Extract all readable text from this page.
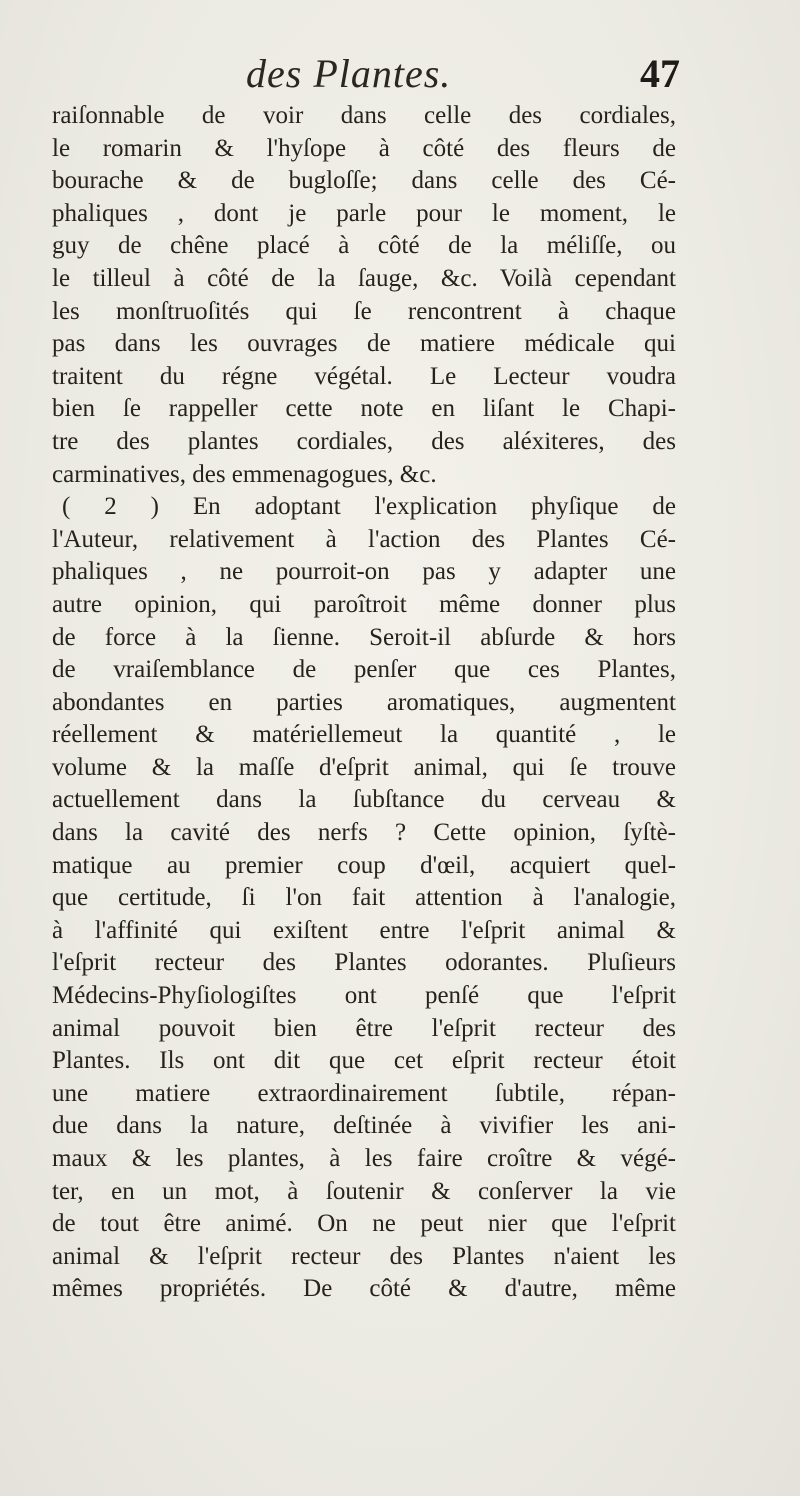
des Plantes.	47
raiſonnable de voir dans celle des cordiales,
le romarin & l'hyſope à côté des fleurs de
bourache & de bugloſſe; dans celle des Cé-
phaliques , dont je parle pour le moment, le
guy de chêne placé à côté de la méliſſe, ou
le tilleul à côté de la ſauge, &c. Voilà cependant
les monſtruoſités qui ſe rencontrent à chaque
pas dans les ouvrages de matiere médicale qui
traitent du régne végétal. Le Lecteur voudra
bien ſe rappeller cette note en liſant le Chapi-
tre des plantes cordiales, des aléxiteres, des
carminatives, des emmenagogues, &c.
( 2 ) En adoptant l'explication phyſique de
l'Auteur, relativement à l'action des Plantes Cé-
phaliques , ne pourroit-on pas y adapter une
autre opinion, qui paroîtroit même donner plus
de force à la ſienne. Seroit-il abſurde & hors
de vraiſemblance de penſer que ces Plantes,
abondantes en parties aromatiques, augmentent
réellement & matériellemeut la quantité , le
volume & la maſſe d'eſprit animal, qui ſe trouve
actuellement dans la ſubſtance du cerveau &
dans la cavité des nerfs ? Cette opinion, ſyſtè-
matique au premier coup d'œil, acquiert quel-
que certitude, ſi l'on fait attention à l'analogie,
à l'affinité qui exiſtent entre l'eſprit animal &
l'eſprit recteur des Plantes odorantes. Pluſieurs
Médecins-Phyſiologiſtes ont penſé que l'eſprit
animal pouvoit bien être l'eſprit recteur des
Plantes. Ils ont dit que cet eſprit recteur étoit
une matiere extraordinairement ſubtile, répan-
due dans la nature, deſtinée à vivifier les ani-
maux & les plantes, à les faire croître & végé-
ter, en un mot, à ſoutenir & conſerver la vie
de tout être animé. On ne peut nier que l'eſprit
animal & l'eſprit recteur des Plantes n'aient les
mêmes propriétés. De côté & d'autre, même
